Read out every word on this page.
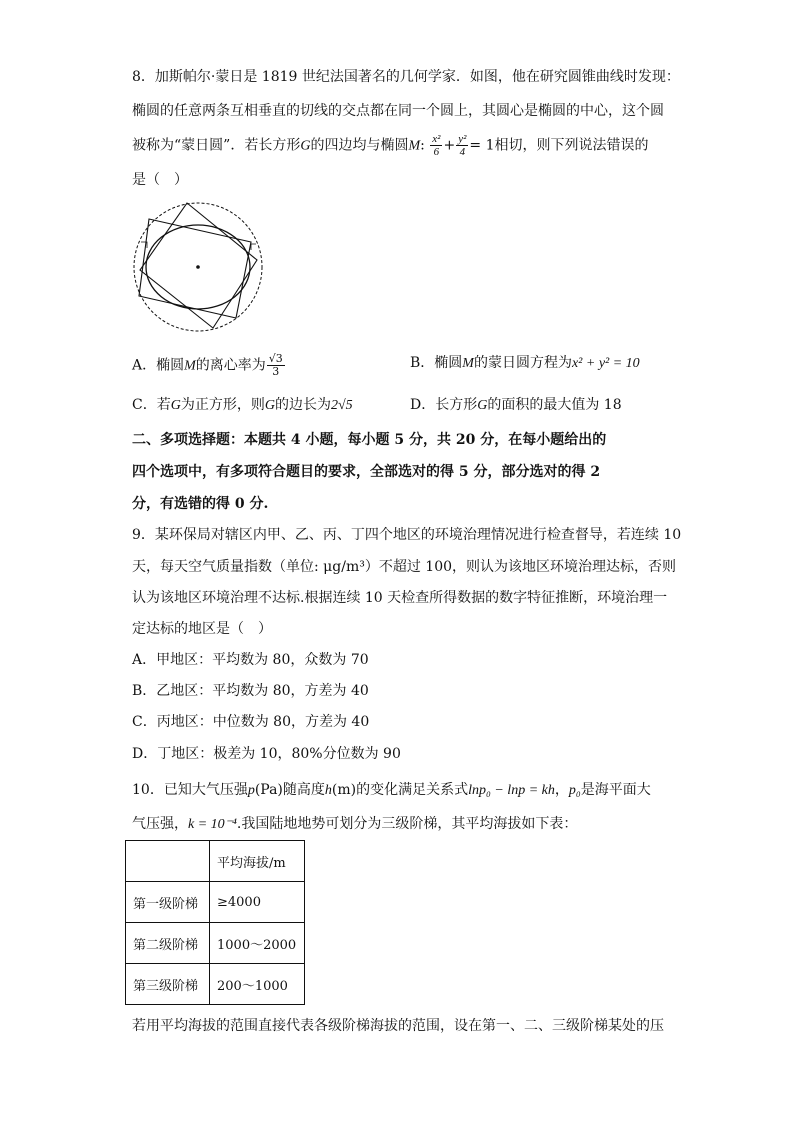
8．加斯帕尔·蒙日是 1819 世纪法国著名的几何学家．如图，他在研究圆锥曲线时发现：
椭圆的任意两条互相垂直的切线的交点都在同一个圆上，其圆心是椭圆的中心，这个圆
被称为“蒙日圆”．若长方形G的四边均与椭圆M: $\frac{\text{x²}}{6} + \frac{\text{y²}}{4} = 1$相切，则下列说法错误的
是（　）
A．椭圆M的离心率为 $\frac{√3}{3}$	B．椭圆M的蒙日圆方程为x² + y² = 10
C．若G为正方形，则G的边长为2√5	D．长方形G的面积的最大值为 18
二、多项选择题：本题共 4 小题，每小题 5 分，共 20 分，在每小题给出的
四个选项中，有多项符合题目的要求，全部选对的得 5 分，部分选对的得 2
分，有选错的得 0 分.
9．某环保局对辖区内甲、乙、丙、丁四个地区的环境治理情况进行检查督导，若连续 10
天，每天空气质量指数（单位: μg/m³）不超过 100，则认为该地区环境治理达标，否则
认为该地区环境治理不达标.根据连续 10 天检查所得数据的数字特征推断，环境治理一
定达标的地区是（　）
A．甲地区：平均数为 80，众数为 70
B．乙地区：平均数为 80，方差为 40
C．丙地区：中位数为 80，方差为 40
D．丁地区：极差为 10，80%分位数为 90
10．已知大气压强p(Pa)随高度h(m)的变化满足关系式lnp₀ − lnp = kh，p₀是海平面大
气压强，k = 10⁻⁴.我国陆地地势可划分为三级阶梯，其平均海拔如下表：
	平均海拔/m
第一级阶梯	≥4000
第二级阶梯	1000～2000
第三级阶梯	200～1000
若用平均海拔的范围直接代表各级阶梯海拔的范围，设在第一、二、三级阶梯某处的压
